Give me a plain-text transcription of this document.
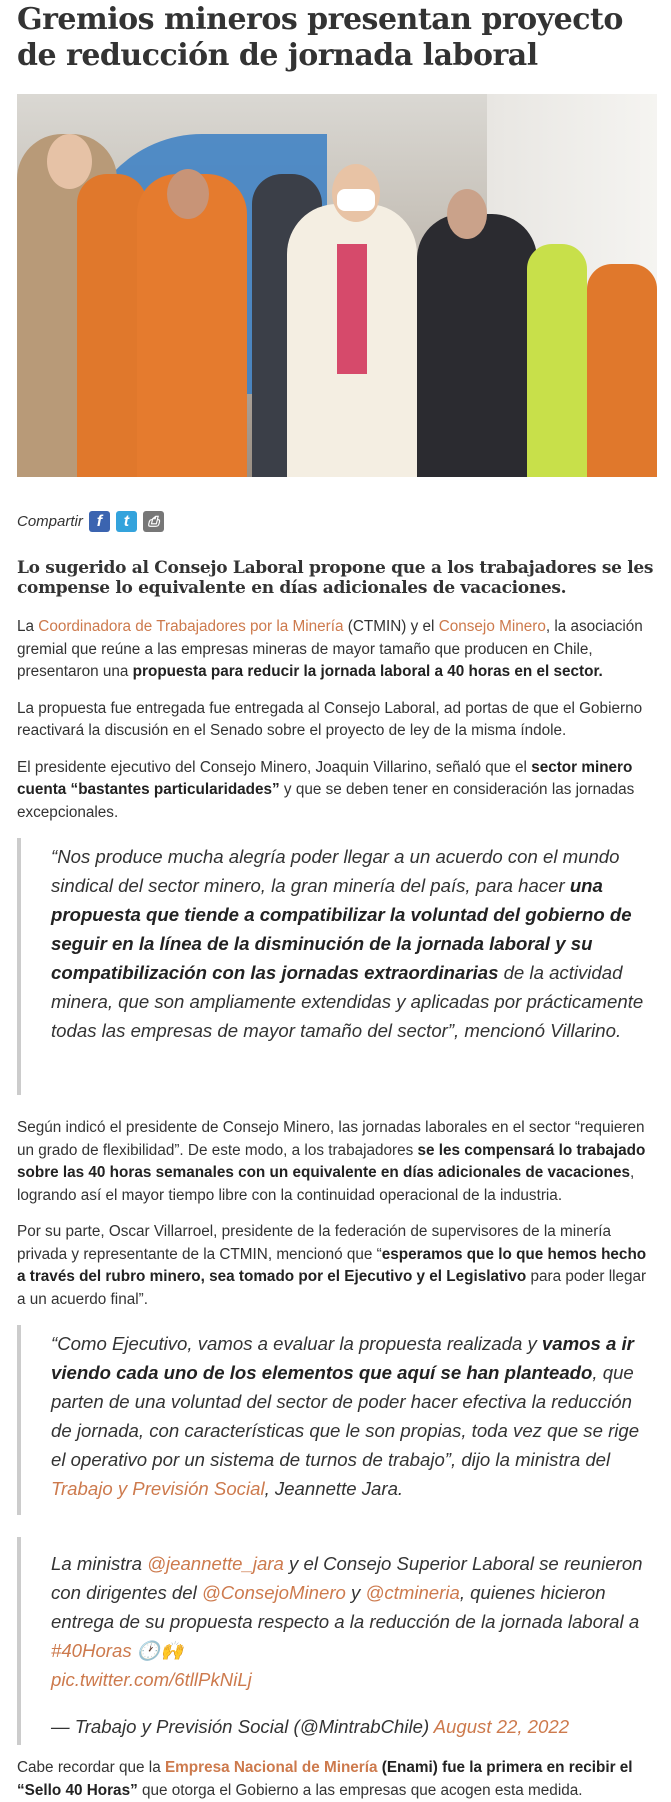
Gremios mineros presentan proyecto de reducción de jornada laboral
Compartir f	t	⎙
Lo sugerido al Consejo Laboral propone que a los trabajadores se les compense lo equivalente en días adicionales de vacaciones.

La Coordinadora de Trabajadores por la Minería (CTMIN) y el Consejo Minero, la asociación gremial que reúne a las empresas mineras de mayor tamaño que producen en Chile, presentaron una propuesta para reducir la jornada laboral a 40 horas en el sector.

La propuesta fue entregada fue entregada al Consejo Laboral, ad portas de que el Gobierno reactivará la discusión en el Senado sobre el proyecto de ley de la misma índole.

El presidente ejecutivo del Consejo Minero, Joaquin Villarino, señaló que el sector minero cuenta “bastantes particularidades” y que se deben tener en consideración las jornadas excepcionales.

“Nos produce mucha alegría poder llegar a un acuerdo con el mundo sindical del sector minero, la gran minería del país, para hacer una propuesta que tiende a compatibilizar la voluntad del gobierno de seguir en la línea de la disminución de la jornada laboral y su compatibilización con las jornadas extraordinarias de la actividad minera, que son ampliamente extendidas y aplicadas por prácticamente todas las empresas de mayor tamaño del sector”, mencionó Villarino.

Según indicó el presidente de Consejo Minero, las jornadas laborales en el sector “requieren un grado de flexibilidad”. De este modo, a los trabajadores se les compensará lo trabajado sobre las 40 horas semanales con un equivalente en días adicionales de vacaciones, logrando así el mayor tiempo libre con la continuidad operacional de la industria.

Por su parte, Oscar Villarroel, presidente de la federación de supervisores de la minería privada y representante de la CTMIN, mencionó que “esperamos que lo que hemos hecho a través del rubro minero, sea tomado por el Ejecutivo y el Legislativo para poder llegar a un acuerdo final”.

“Como Ejecutivo, vamos a evaluar la propuesta realizada y vamos a ir viendo cada uno de los elementos que aquí se han planteado, que parten de una voluntad del sector de poder hacer efectiva la reducción de jornada, con características que le son propias, toda vez que se rige el operativo por un sistema de turnos de trabajo”, dijo la ministra del Trabajo y Previsión Social, Jeannette Jara.

La ministra @jeannette_jara y el Consejo Superior Laboral se reunieron con dirigentes del @ConsejoMinero y @ctmineria, quienes hicieron entrega de su propuesta respecto a la reducción de la jornada laboral a #40Horas 🕐🙌
pic.twitter.com/6tllPkNiLj

— Trabajo y Previsión Social (@MintrabChile) August 22, 2022

Cabe recordar que la Empresa Nacional de Minería (Enami) fue la primera en recibir el “Sello 40 Horas” que otorga el Gobierno a las empresas que acogen esta medida.
